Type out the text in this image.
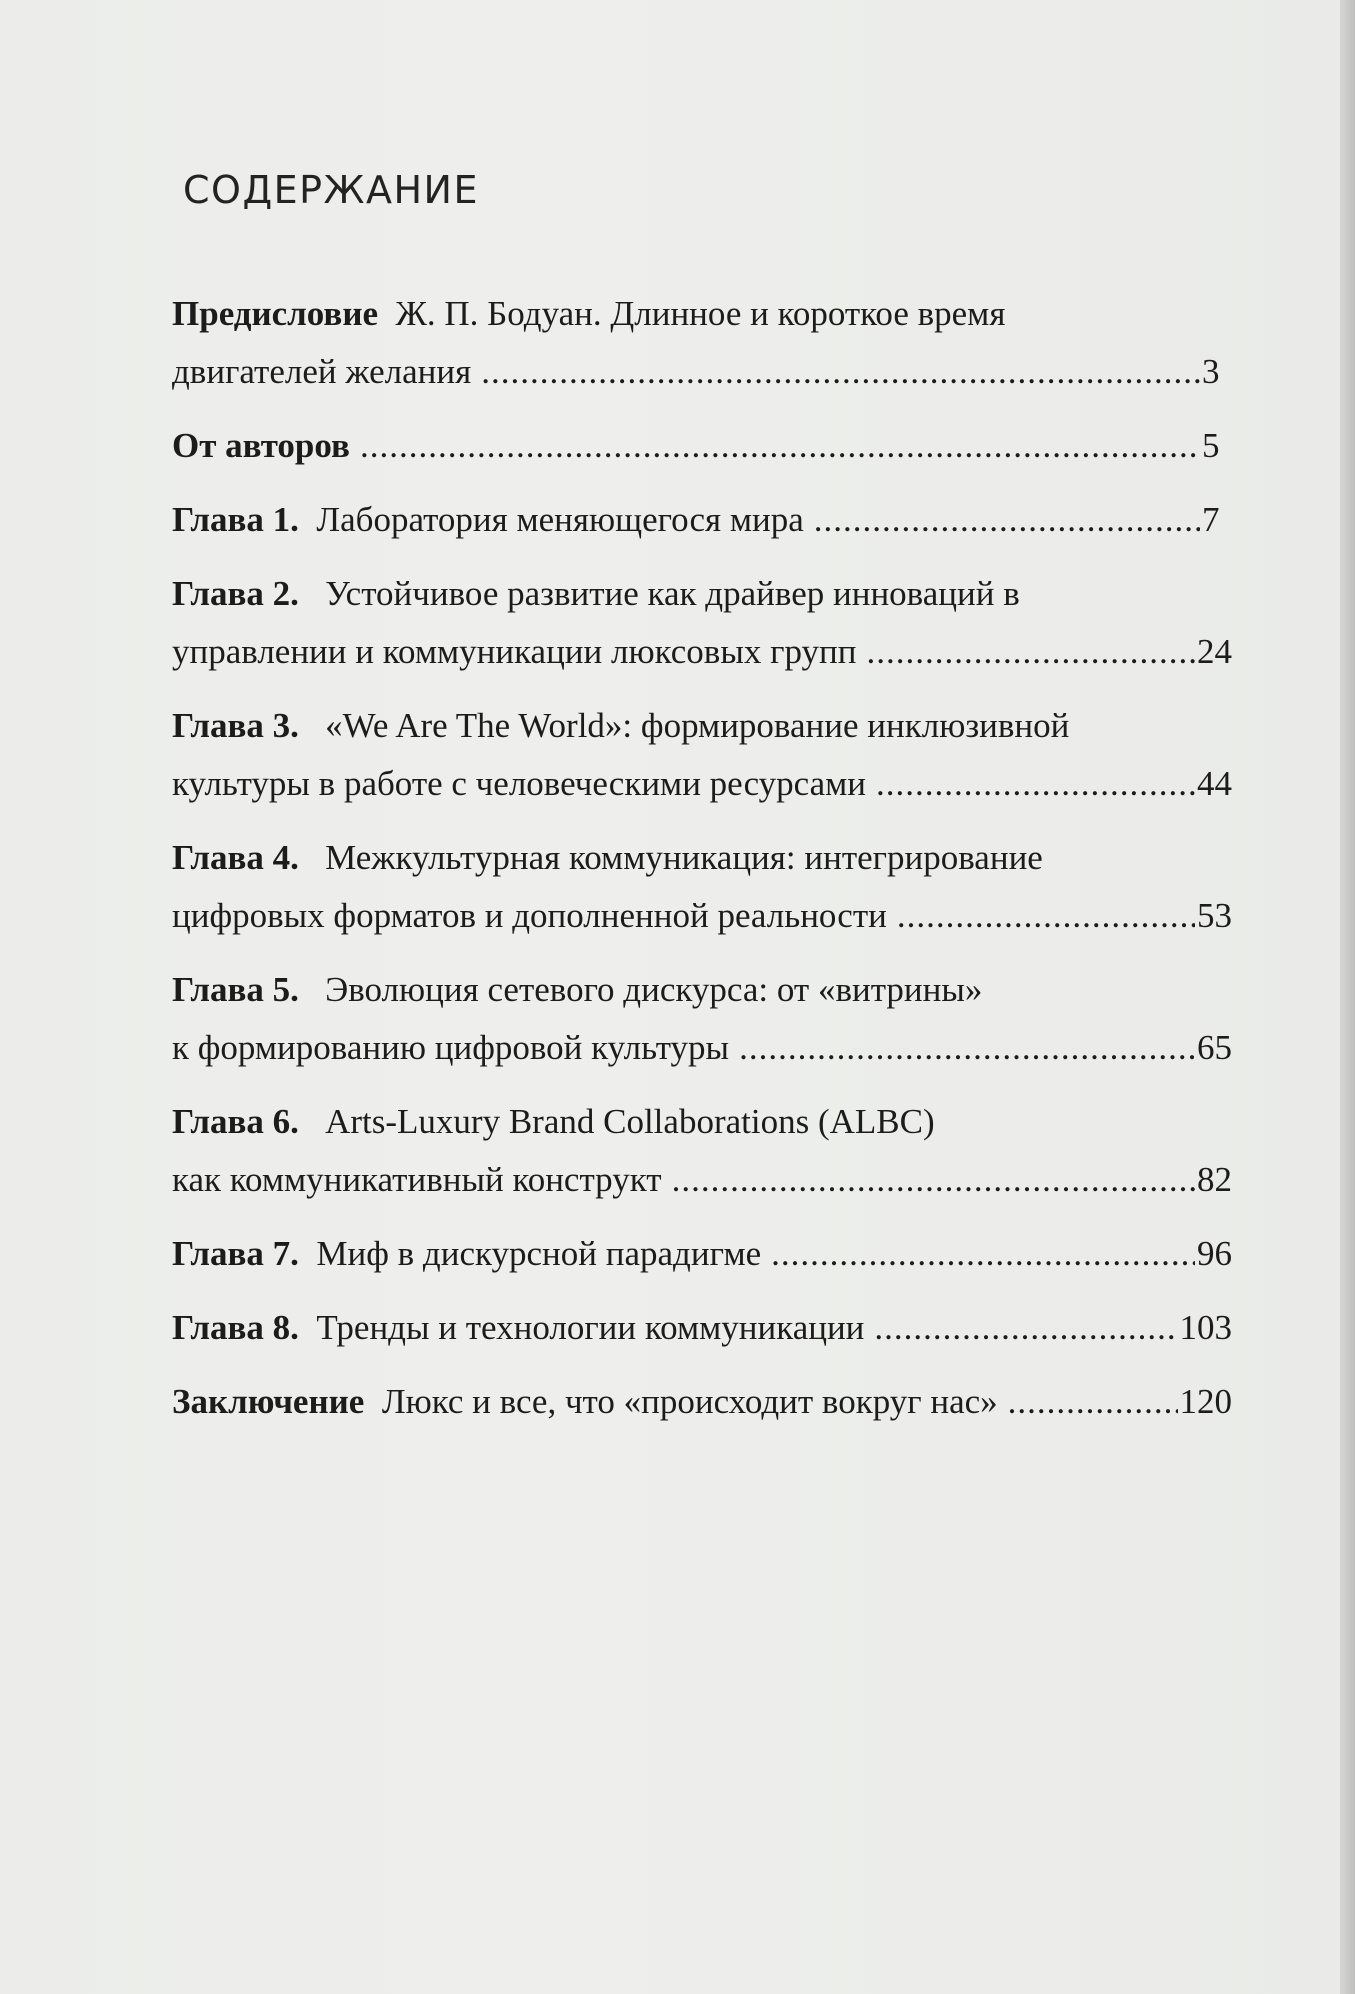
СОДЕРЖАНИЕ
Предисловие Ж. П. Бодуан. Длинное и короткое время
двигателей желания .....	3
От авторов .....	5
Глава 1.
Лаборатория меняющегося мира .....	7
Глава 2. Устойчивое развитие как драйвер инноваций в
управлении и коммуникации люксовых групп .....	24
Глава 3. «We Are The World»: формирование инклюзивной
культуры в работе с человеческими ресурсами .....	44
Глава 4. Межкультурная коммуникация: интегрирование
цифровых форматов и дополненной реальности .....	53
Глава 5. Эволюция сетевого дискурса: от «витрины»
к формированию цифровой культуры .....	65
Глава 6. Arts-Luxury Brand Collaborations (ALBC)
как коммуникативный конструкт .....	82
Глава 7.
Миф в дискурсной парадигме .....	96
Глава 8.
Тренды и технологии коммуникации .....	103
Заключение
Люкс и все, что «происходит вокруг нас» .....	120
